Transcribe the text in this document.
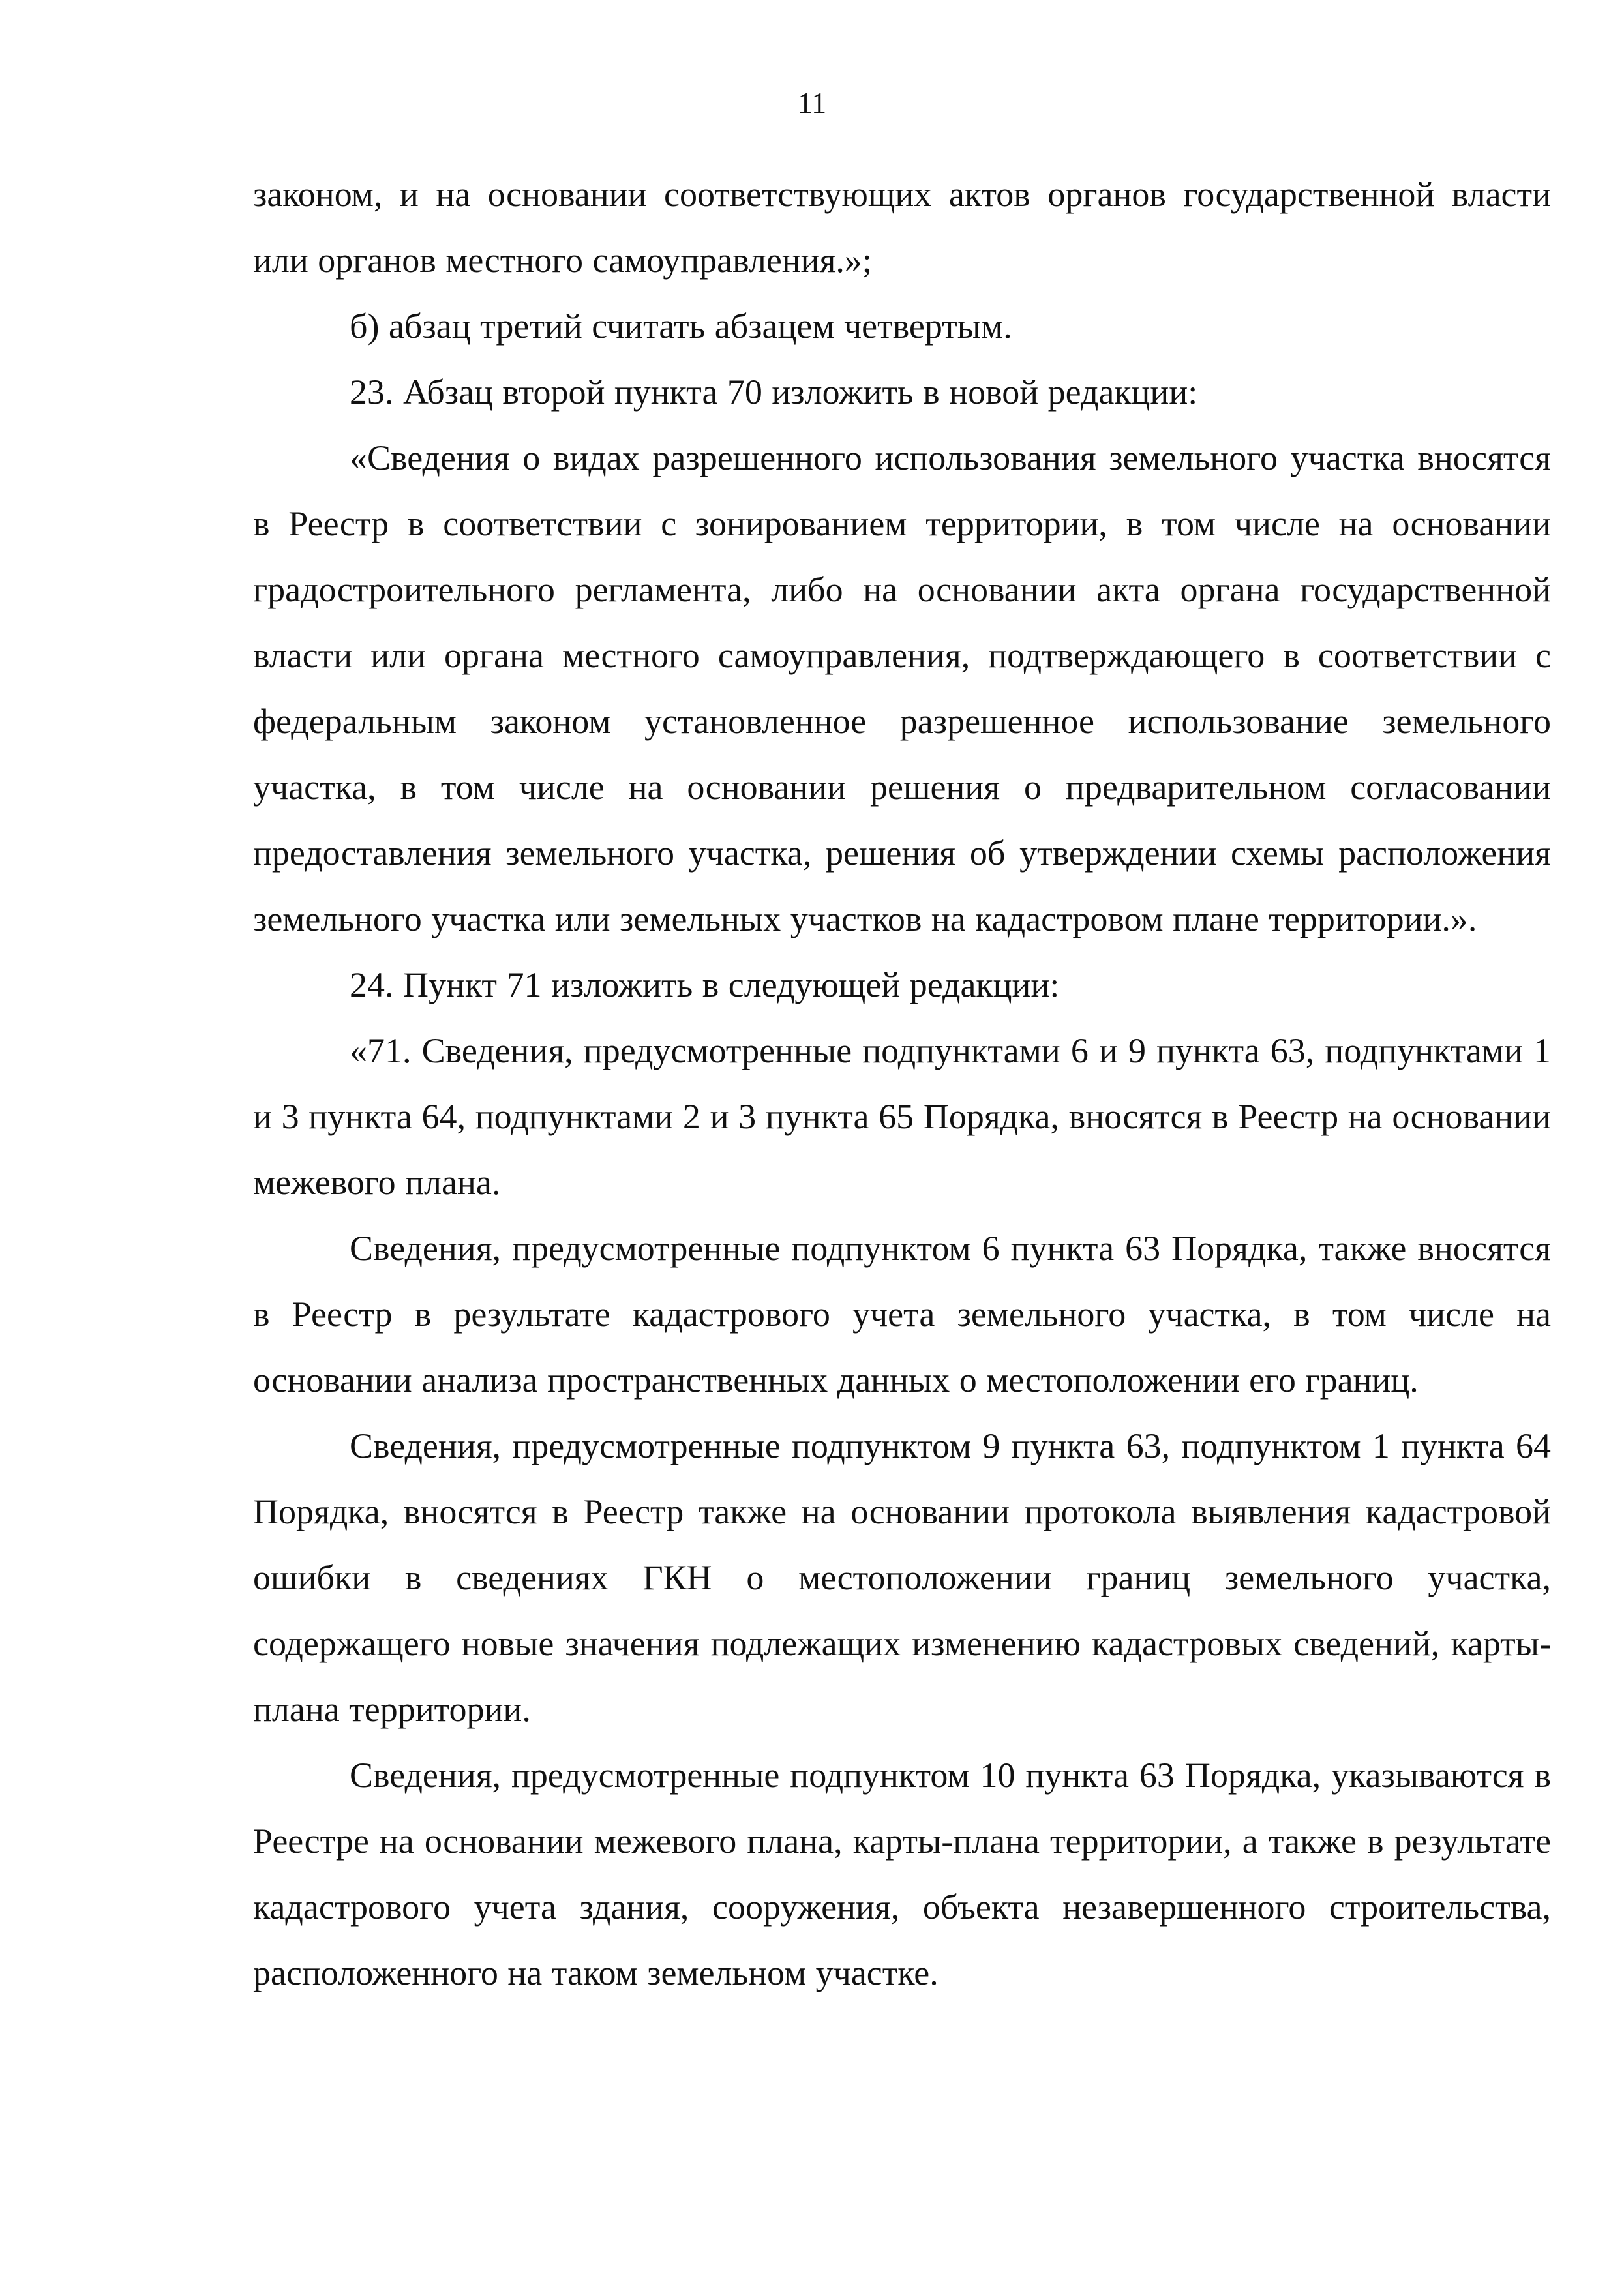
11

законом, и на основании соответствующих актов органов государственной власти или органов местного самоуправления.»;

б) абзац третий считать абзацем четвертым.

23. Абзац второй пункта 70 изложить в новой редакции:

«Сведения о видах разрешенного использования земельного участка вносятся в Реестр в соответствии с зонированием территории, в том числе на основании градостроительного регламента, либо на основании акта органа государственной власти или органа местного самоуправления, подтверждающего в соответствии с федеральным законом установленное разрешенное использование земельного участка, в том числе на основании решения о предварительном согласовании предоставления земельного участка, решения об утверждении схемы расположения земельного участка или земельных участков на кадастровом плане территории.».

24. Пункт 71 изложить в следующей редакции:

«71. Сведения, предусмотренные подпунктами 6 и 9 пункта 63, подпунктами 1 и 3 пункта 64, подпунктами 2 и 3 пункта 65 Порядка, вносятся в Реестр на основании межевого плана.

Сведения, предусмотренные подпунктом 6 пункта 63 Порядка, также вносятся в Реестр в результате кадастрового учета земельного участка, в том числе на основании анализа пространственных данных о местоположении его границ.

Сведения, предусмотренные подпунктом 9 пункта 63, подпунктом 1 пункта 64 Порядка, вносятся в Реестр также на основании протокола выявления кадастровой ошибки в сведениях ГКН о местоположении границ земельного участка, содержащего новые значения подлежащих изменению кадастровых сведений, карты-плана территории.

Сведения, предусмотренные подпунктом 10 пункта 63 Порядка, указываются в Реестре на основании межевого плана, карты-плана территории, а также в результате кадастрового учета здания, сооружения, объекта незавершенного строительства, расположенного на таком земельном участке.
